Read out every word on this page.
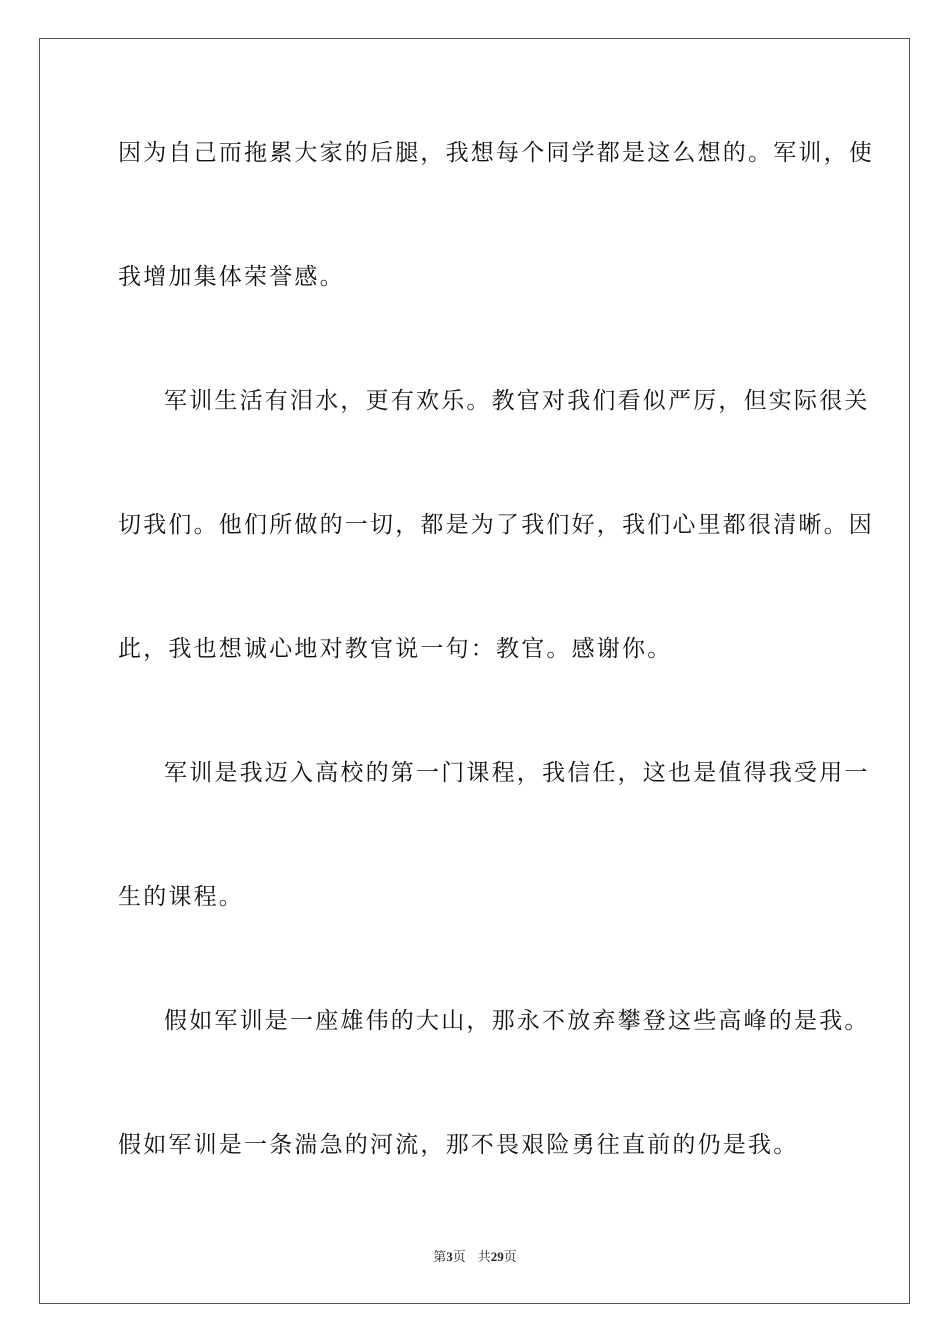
因为自己而拖累大家的后腿，我想每个同学都是这么想的。军训，使
我增加集体荣誉感。
军训生活有泪水，更有欢乐。教官对我们看似严厉，但实际很关
切我们。他们所做的一切，都是为了我们好，我们心里都很清晰。因
此，我也想诚心地对教官说一句：教官。感谢你。
军训是我迈入高校的第一门课程，我信任，这也是值得我受用一
生的课程。
假如军训是一座雄伟的大山，那永不放弃攀登这些高峰的是我。
假如军训是一条湍急的河流，那不畏艰险勇往直前的仍是我。
第3页 共29页
